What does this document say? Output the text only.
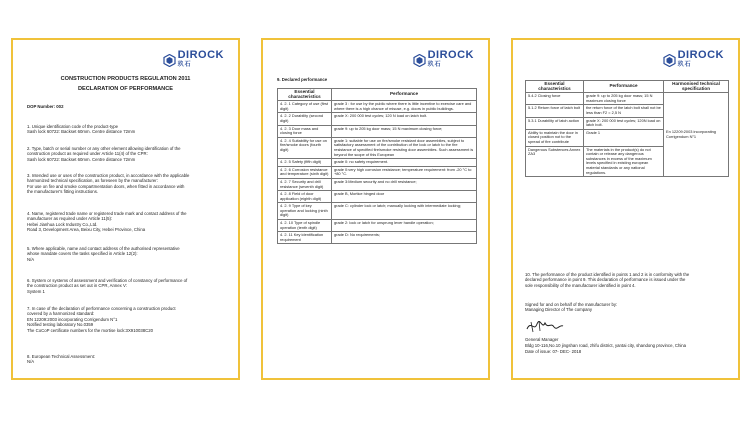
DIROCK
玖石
CONSTRUCTION PRODUCTS REGULATION 2011
DECLARATION OF PERFORMANCE
DOP Number: 002
1. Unique identification code of the product-type
Sash lock 60722: Backset 60mm. Centre distance 72mm
2. Type, batch or serial number or any other element allowing identification of the
construction product as required under Article 11(4) of the CPR:
Sash lock 60722: Backset 60mm. Centre distance 72mm
3. Intended use or uses of the construction product, in accordance with the applicable
harmonized technical specification, as foreseen by the manufacturer:
For use on fire and smoke compartmentation doors, when fitted in accordance with
the manufacturer's fitting instructions.
4. Name, registered trade name or registered trade mark and contact address of the
manufacturer as required under Article 11(5):
Hebei Jianhua Lock Industry Co.,Ltd.
Road 3, Development Area, Beixu City, Hebei Province, China
5. Where applicable, name and contact address of the authorised representative
whose mandate covers the tasks specified in Article 12(2):
N/A
6. System or systems of assessment and verification of constancy of performance of
the construction product as set out in CPR, Annex V:
System 1
7. In case of the declaration of performance concerning a construction product
covered by a harmonized standard:
EN 12209:2003 incorporating Corrigendum N°1
Notified testing laboratory No.0359
The CoCoP certificate numbers for the mortise lock:3X910038C20
8. European Technical Assessment:
N/A
DIROCK
玖石
9. Declared performance
Essential characteristics	Performance
4. 2. 1 Category of use (first digit)	grade 3 : for use by the public where there is little incentive to exercise care and where there is a high chance of misuse, e.g. doors in public buildings.
4. 2. 2 Durability (second digit)	grade X: 200 000 test cycles; 120 N load on latch bolt.
4. 2. 3 Door mass and closing force	grade 9: up to 205 kg door mass; 15 N maximum closing force;
4. 2. 4 Suitability for use on fire/smoke doors (fourth digit)	grade 1: suitable for use on fire/smoke resistant door assemblies, subject to satisfactory assessment of the contribution of the lock or latch to the fire resistance of specified fire/smoke resisting door assemblies. Such assessment is beyond the scope of this European
4. 2. 5 Safety (fifth digit)	grade 0: no safety requirement.
4. 2. 6 Corrosion resistance and temperature (sixth digit)	grade 0:very high corrosion resistance; temperature requirement: from -20 °C to +80 °C.
4. 2. 7 Security and drill resistance (seventh digit)	grade 3:Medium security and no drill resistance;
4. 2. 8 Field of door application (eighth digit)	grade B, Mortice hinged door
4. 2. 9 Type of key operation and locking (ninth digit)	grade C: cylinder lock or latch; manually locking with intermediate locking;
4. 2. 10 Type of spindle operation (tenth digit)	grade 2: lock or latch for unsprung lever handle operation;
4. 2. 11 Key identification requirement	grade D: No requirements;
DIROCK
玖石
Essential characteristics	Performance	Harmonised technical specification
5.4.2 Closing force	grade 9: up to 205 kg door mass; 15 N maximum closing force	En 12209:2003 incorporating Corrigendum N°1
5.1.2 Return force of latch bolt	the return force of the latch bolt shall not be less than F2 = 2,5 N	
5.3.1 Durability of latch action	grade X: 200 000 test cycles; 120N load on latch bolt.	
Ability to maintain the door in closed position not to the spread of fire contribute	Grade 1	
Dangerous Substences Annex ZA3	The materials in the product(s) do not contain or release any dangerous substances in excess of the maximum levels specified in existing european material standards or any national regulations.	
10. The performance of the product identified in points 1 and 2 is in conformity with the
declared performance in point 9. This declaration of performance is issued under the
sole responsibility of the manufacturer identified in point 4.
Signed for and on behalf of the manufacturer by:
Managing Director of The company
General Manager
Bldg 10-116,No.10 jingshan road, zhifu district, yantai city, shandong province, China
Date of issue: 07- DEC- 2018
